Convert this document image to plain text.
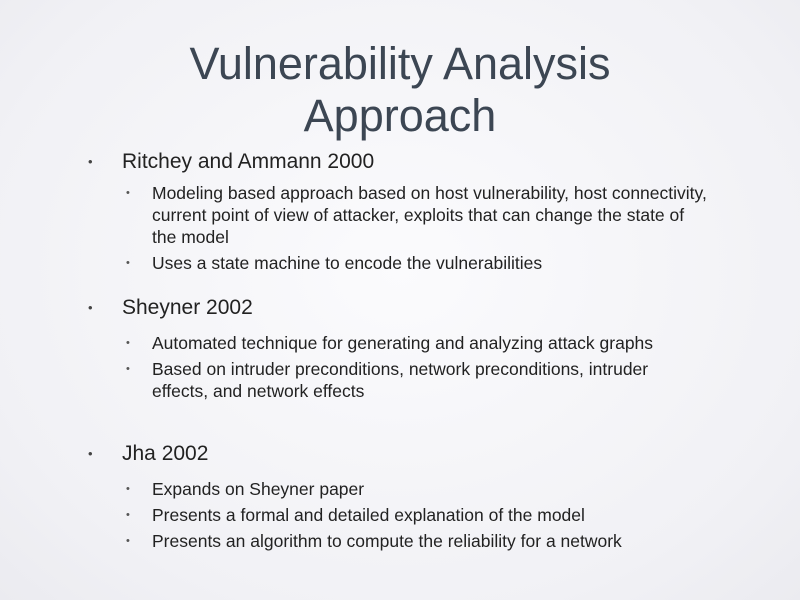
Vulnerability Analysis Approach
• Ritchey and Ammann 2000
• Modeling based approach based on host vulnerability, host connectivity, current point of view of attacker, exploits that can change the state of the model
• Uses a state machine to encode the vulnerabilities
• Sheyner 2002
• Automated technique for generating and analyzing attack graphs
• Based on intruder preconditions, network preconditions, intruder effects, and network effects
• Jha 2002
• Expands on Sheyner paper
• Presents a formal and detailed explanation of the model
• Presents an algorithm to compute the reliability for a network
